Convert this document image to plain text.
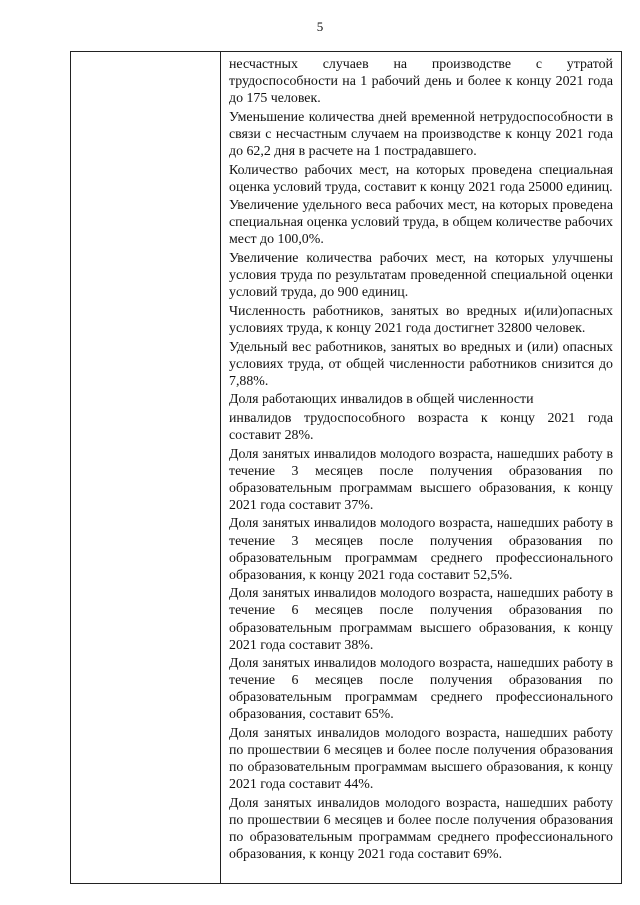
5

несчастных случаев на производстве с утратой трудоспособности на 1 рабочий день и более к концу 2021 года до 175 человек.

Уменьшение количества дней временной нетрудоспособности в связи с несчастным случаем на производстве к концу 2021 года до 62,2 дня в расчете на 1 пострадавшего.

Количество рабочих мест, на которых проведена специальная оценка условий труда, составит к концу 2021 года 25000 единиц.

Увеличение удельного веса рабочих мест, на которых проведена специальная оценка условий труда, в общем количестве рабочих мест до 100,0%.

Увеличение количества рабочих мест, на которых улучшены условия труда по результатам проведенной специальной оценки условий труда, до 900 единиц.

Численность работников, занятых во вредных и(или)опасных условиях труда, к концу 2021 года достигнет 32800 человек.

Удельный вес работников, занятых во вредных и (или) опасных условиях труда, от общей численности работников снизится до 7,88%.

Доля работающих инвалидов в общей численности

инвалидов трудоспособного возраста к концу 2021 года составит 28%.

Доля занятых инвалидов молодого возраста, нашедших работу в течение 3 месяцев после получения образования по образовательным программам высшего образования, к концу 2021 года составит 37%.

Доля занятых инвалидов молодого возраста, нашедших работу в течение 3 месяцев после получения образования по образовательным программам среднего профессионального образования, к концу 2021 года составит 52,5%.

Доля занятых инвалидов молодого возраста, нашедших работу в течение 6 месяцев после получения образования по образовательным программам высшего образования, к концу 2021 года составит 38%.

Доля занятых инвалидов молодого возраста, нашедших работу в течение 6 месяцев после получения образования по образовательным программам среднего профессионального образования, составит 65%.

Доля занятых инвалидов молодого возраста, нашедших работу по прошествии 6 месяцев и более после получения образования по образовательным программам высшего образования, к концу 2021 года составит 44%.

Доля занятых инвалидов молодого возраста, нашедших работу по прошествии 6 месяцев и более после получения образования по образовательным программам среднего профессионального образования, к концу 2021 года составит 69%.
